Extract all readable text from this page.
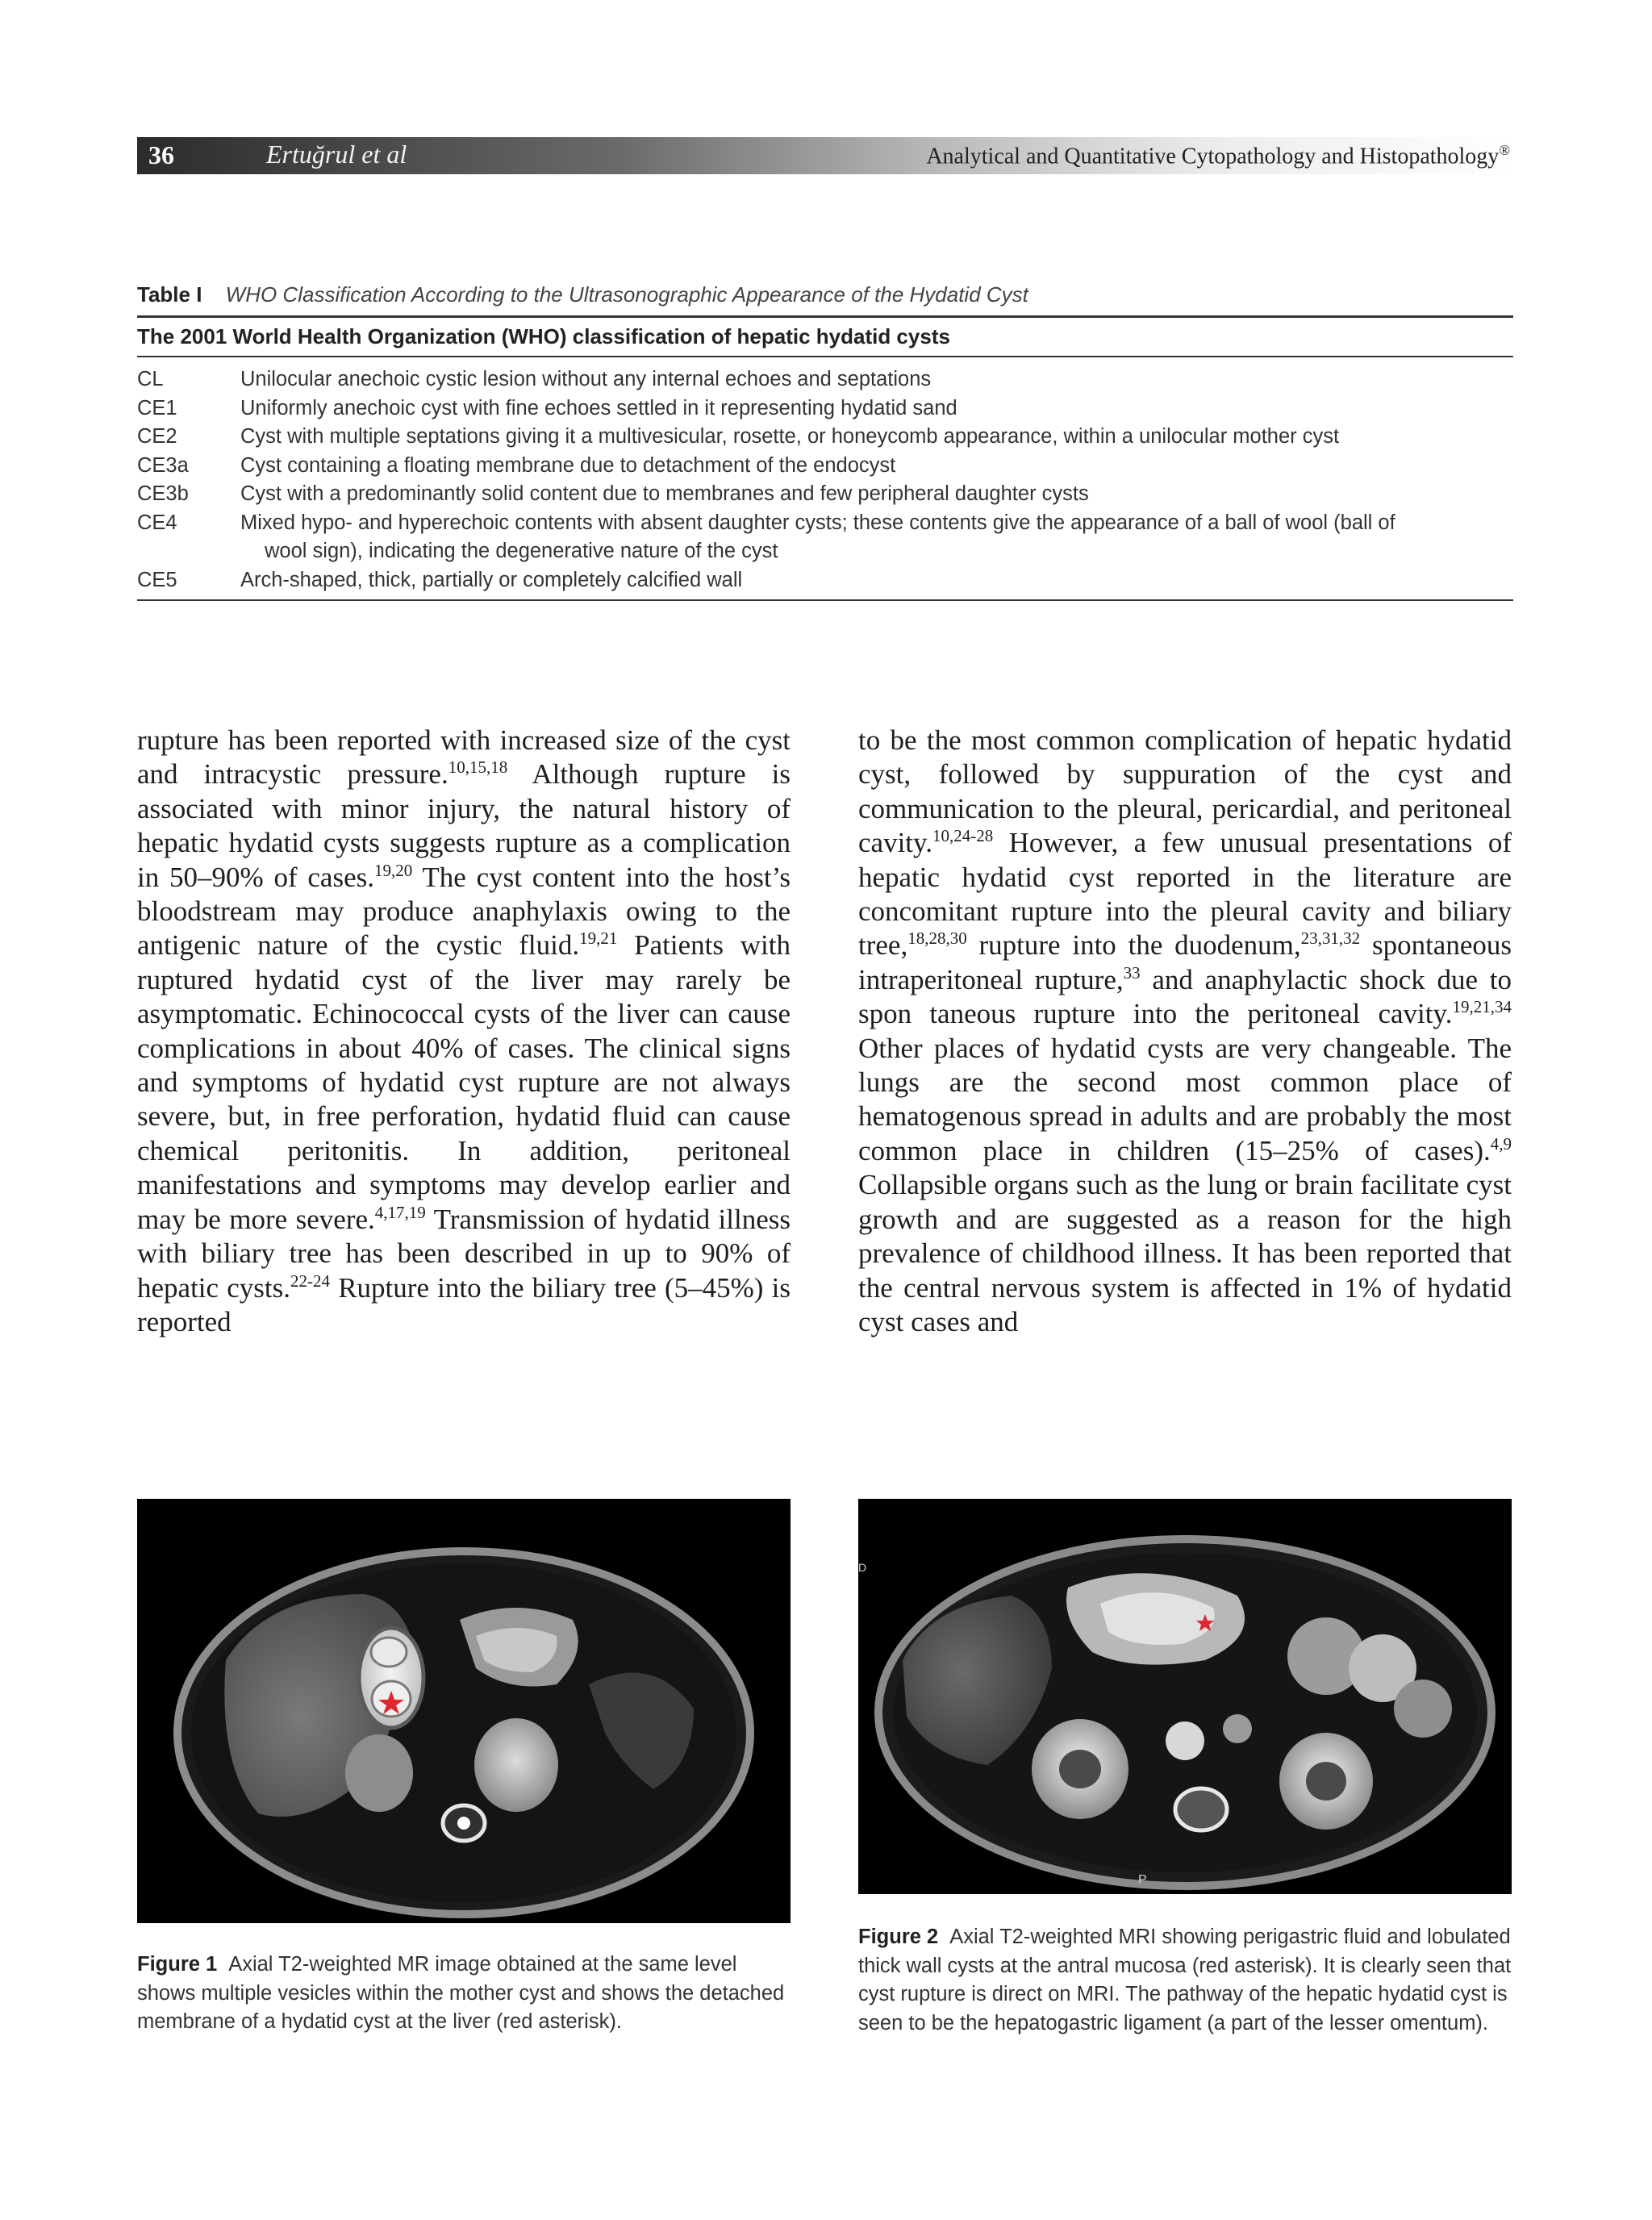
36	Ertuğrul et al	Analytical and Quantitative Cytopathology and Histopathology®
Table I WHO Classification According to the Ultrasonographic Appearance of the Hydatid Cyst
The 2001 World Health Organization (WHO) classification of hepatic hydatid cysts
CL	Unilocular anechoic cystic lesion without any internal echoes and septations
CE1	Uniformly anechoic cyst with fine echoes settled in it representing hydatid sand
CE2	Cyst with multiple septations giving it a multivesicular, rosette, or honeycomb appearance, within a unilocular mother cyst
CE3a	Cyst containing a floating membrane due to detachment of the endocyst
CE3b	Cyst with a predominantly solid content due to membranes and few peripheral daughter cysts
CE4	Mixed hypo- and hyperechoic contents with absent daughter cysts; these contents give the appearance of a ball of wool (ball of
wool sign), indicating the degenerative nature of the cyst
CE5	Arch-shaped, thick, partially or completely calcified wall
rupture has been reported with increased size of the cyst and intracystic pressure.$^{10,15,18}$ Although rupture is associated with minor injury, the natural history of hepatic hydatid cysts suggests rupture as a complication in 50–90% of cases.$^{19,20}$ The cyst content into the host’s bloodstream may produce anaphylaxis owing to the antigenic nature of the cystic fluid.$^{19,21}$ Patients with ruptured hydatid cyst of the liver may rarely be asymptomatic. Echinococcal cysts of the liver can cause complications in about 40% of cases. The clinical signs and symptoms of hydatid cyst rupture are not always severe, but, in free perforation, hydatid fluid can cause chemical peritonitis. In addition, peritoneal manifestations and symptoms may develop earlier and may be more severe.$^{4,17,19}$ Transmission of hydatid illness with biliary tree has been described in up to 90% of hepatic cysts.$^{22-24}$ Rupture into the biliary tree (5–45%) is reported
to be the most common complication of hepatic hydatid cyst, followed by suppuration of the cyst and communication to the pleural, pericardial, and peritoneal cavity.$^{10,24-28}$ However, a few unusual presentations of hepatic hydatid cyst reported in the literature are concomitant rupture into the pleural cavity and biliary tree,$^{18,28,30}$ rupture into the duodenum,$^{23,31,32}$ spontaneous intraperitoneal rupture,$^{33}$ and anaphylactic shock due to spon taneous rupture into the peritoneal cavity.$^{19,21,34}$ Other places of hydatid cysts are very changeable. The lungs are the second most common place of hematogenous spread in adults and are probably the most common place in children (15–25% of cases).$^{4,9}$ Collapsible organs such as the lung or brain facilitate cyst growth and are suggested as a reason for the high prevalence of childhood illness. It has been reported that the central nervous system is affected in 1% of hydatid cyst cases and
Figure 1 Axial T2-weighted MR image obtained at the same level shows multiple vesicles within the mother cyst and shows the detached membrane of a hydatid cyst at the liver (red asterisk).
P
D
Figure 2 Axial T2-weighted MRI showing perigastric fluid and lobulated thick wall cysts at the antral mucosa (red asterisk). It is clearly seen that cyst rupture is direct on MRI. The pathway of the hepatic hydatid cyst is seen to be the hepatogastric ligament (a part of the lesser omentum).
